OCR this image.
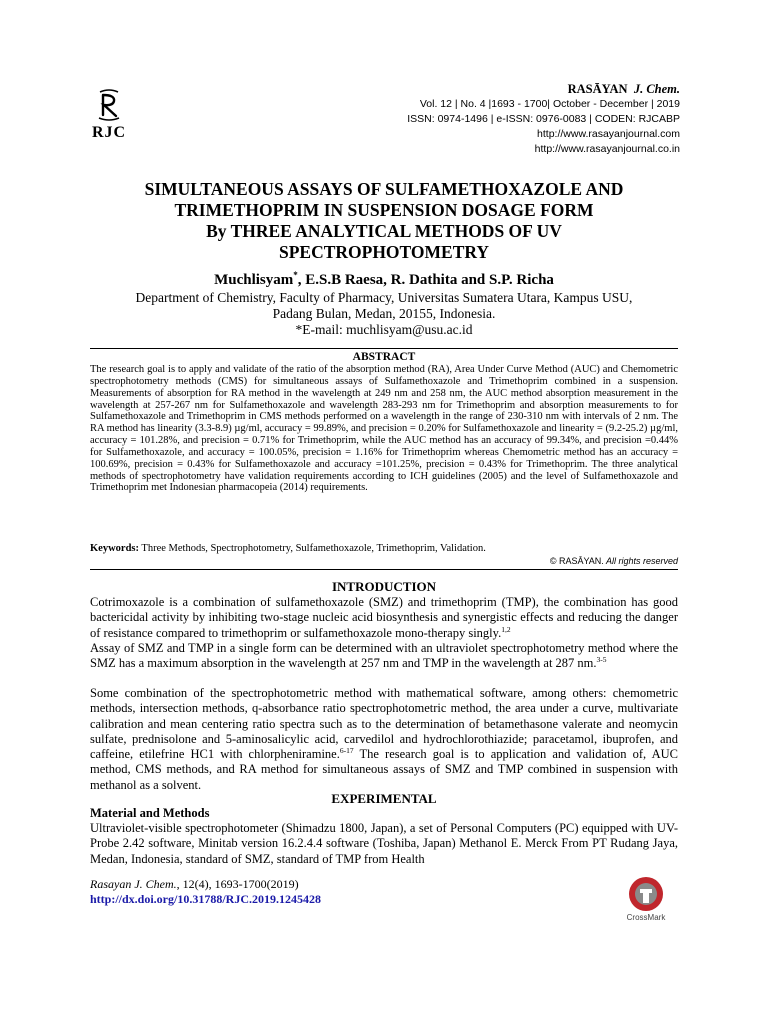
RJC
RASĀYAN J. Chem.
Vol. 12 | No. 4 |1693 - 1700| October - December | 2019
ISSN: 0974-1496 | e-ISSN: 0976-0083 | CODEN: RJCABP
http://www.rasayanjournal.com
http://www.rasayanjournal.co.in
SIMULTANEOUS ASSAYS OF SULFAMETHOXAZOLE AND
TRIMETHOPRIM IN SUSPENSION DOSAGE FORM
By THREE ANALYTICAL METHODS OF UV
SPECTROPHOTOMETRY
Muchlisyam*, E.S.B Raesa, R. Dathita and S.P. Richa
Department of Chemistry, Faculty of Pharmacy, Universitas Sumatera Utara, Kampus USU,
Padang Bulan, Medan, 20155, Indonesia.
*E-mail: muchlisyam@usu.ac.id
ABSTRACT
The research goal is to apply and validate of the ratio of the absorption method (RA), Area Under Curve Method (AUC) and Chemometric spectrophotometry methods (CMS) for simultaneous assays of Sulfamethoxazole and Trimethoprim combined in a suspension. Measurements of absorption for RA method in the wavelength at 249 nm and 258 nm, the AUC method absorption measurement in the wavelength at 257-267 nm for Sulfamethoxazole and wavelength 283-293 nm for Trimethoprim and absorption measurements to for Sulfamethoxazole and Trimethoprim in CMS methods performed on a wavelength in the range of 230-310 nm with intervals of 2 nm. The RA method has linearity (3.3-8.9) µg/ml, accuracy = 99.89%, and precision = 0.20% for Sulfamethoxazole and linearity = (9.2-25.2) µg/ml, accuracy = 101.28%, and precision = 0.71% for Trimethoprim, while the AUC method has an accuracy of 99.34%, and precision =0.44% for Sulfamethoxazole, and accuracy = 100.05%, precision = 1.16% for Trimethoprim whereas Chemometric method has an accuracy = 100.69%, precision = 0.43% for Sulfamethoxazole and accuracy =101.25%, precision = 0.43% for Trimethoprim. The three analytical methods of spectrophotometry have validation requirements according to ICH guidelines (2005) and the level of Sulfamethoxazole and Trimethoprim met Indonesian pharmacopeia (2014) requirements.
Keywords: Three Methods, Spectrophotometry, Sulfamethoxazole, Trimethoprim, Validation.
© RASĀYAN. All rights reserved
INTRODUCTION
Cotrimoxazole is a combination of sulfamethoxazole (SMZ) and trimethoprim (TMP), the combination has good bactericidal activity by inhibiting two-stage nucleic acid biosynthesis and synergistic effects and reducing the danger of resistance compared to trimethoprim or sulfamethoxazole mono-therapy singly.$^{1,2}$
Assay of SMZ and TMP in a single form can be determined with an ultraviolet spectrophotometry method where the SMZ has a maximum absorption in the wavelength at 257 nm and TMP in the wavelength at 287 nm.$^{3-5}$
Some combination of the spectrophotometric method with mathematical software, among others: chemometric methods, intersection methods, q-absorbance ratio spectrophotometric method, the area under a curve, multivariate calibration and mean centering ratio spectra such as to the determination of betamethasone valerate and neomycin sulfate, prednisolone and 5-aminosalicylic acid, carvedilol and hydrochlorothiazide; paracetamol, ibuprofen, and caffeine, etilefrine HC1 with chlorpheniramine.$^{6-17}$ The research goal is to application and validation of, AUC method, CMS methods, and RA method for simultaneous assays of SMZ and TMP combined in suspension with methanol as a solvent.
EXPERIMENTAL
Material and Methods
Ultraviolet-visible spectrophotometer (Shimadzu 1800, Japan), a set of Personal Computers (PC) equipped with UV-Probe 2.42 software, Minitab version 16.2.4.4 software (Toshiba, Japan) Methanol E. Merck From PT Rudang Jaya, Medan, Indonesia, standard of SMZ, standard of TMP from Health
Rasayan J. Chem., 12(4), 1693-1700(2019)
http://dx.doi.org/10.31788/RJC.2019.1245428
CrossMark
